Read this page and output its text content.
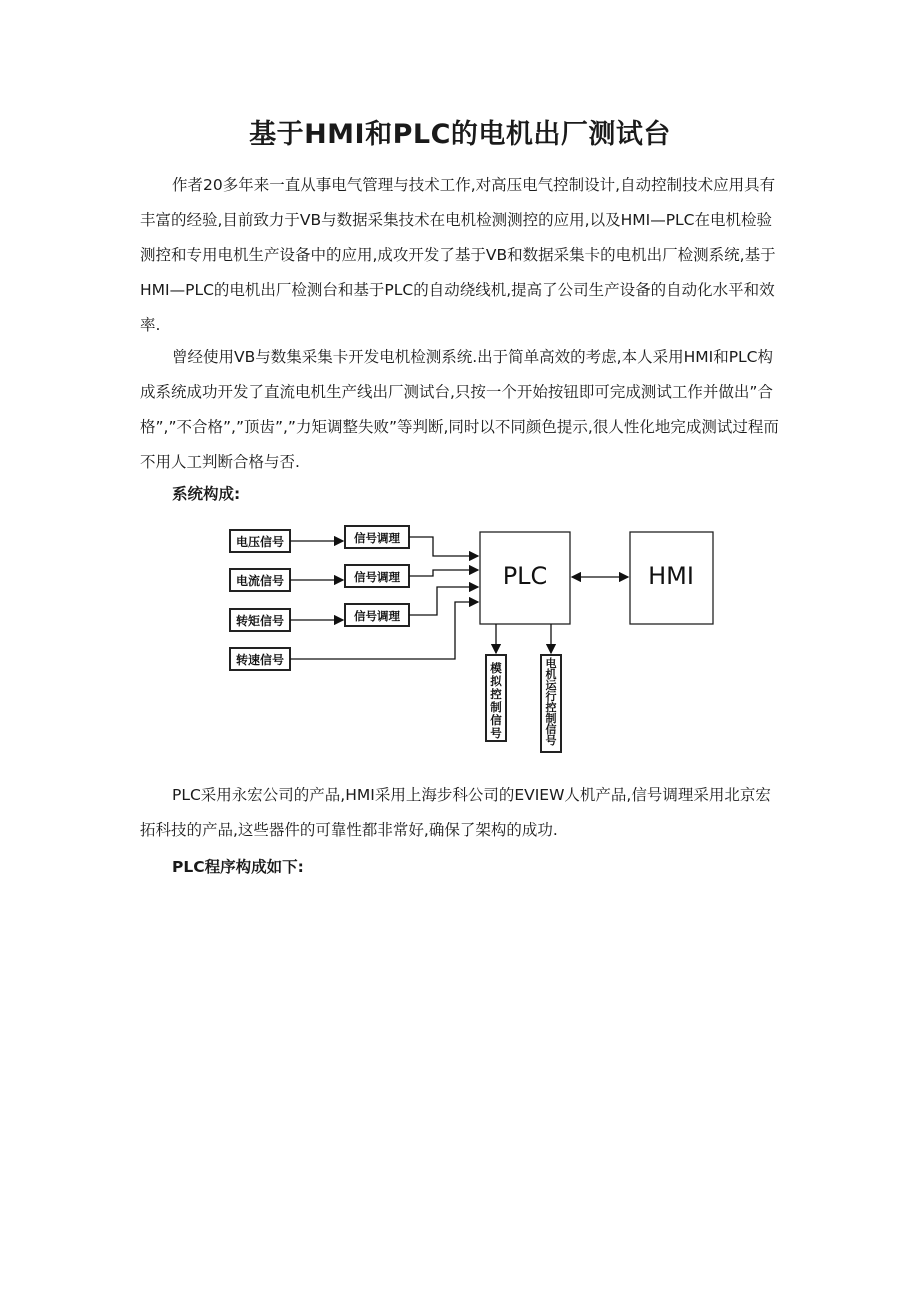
基于HMI和PLC的电机出厂测试台

作者20多年来一直从事电气管理与技术工作,对高压电气控制设计,自动控制技术应用具有丰富的经验,目前致力于VB与数据采集技术在电机检测测控的应用,以及HMI—PLC在电机检验测控和专用电机生产设备中的应用,成攻开发了基于VB和数据采集卡的电机出厂检测系统,基于HMI—PLC的电机出厂检测台和基于PLC的自动绕线机,提高了公司生产设备的自动化水平和效率.

曾经使用VB与数集采集卡开发电机检测系统.出于简单高效的考虑,本人采用HMI和PLC构成系统成功开发了直流电机生产线出厂测试台,只按一个开始按钮即可完成测试工作并做出”合格”,”不合格”,”顶齿”,”力矩调整失败”等判断,同时以不同颜色提示,很人性化地完成测试过程而不用人工判断合格与否.

系统构成:

电压信号
电流信号
转矩信号
转速信号
信号调理
信号调理
信号调理
PLC	HMI
模
拟
控
制
信
号
电
机
运
行
控
制
信
号

PLC采用永宏公司的产品,HMI采用上海步科公司的EVIEW人机产品,信号调理采用北京宏拓科技的产品,这些器件的可靠性都非常好,确保了架构的成功.

PLC程序构成如下:
